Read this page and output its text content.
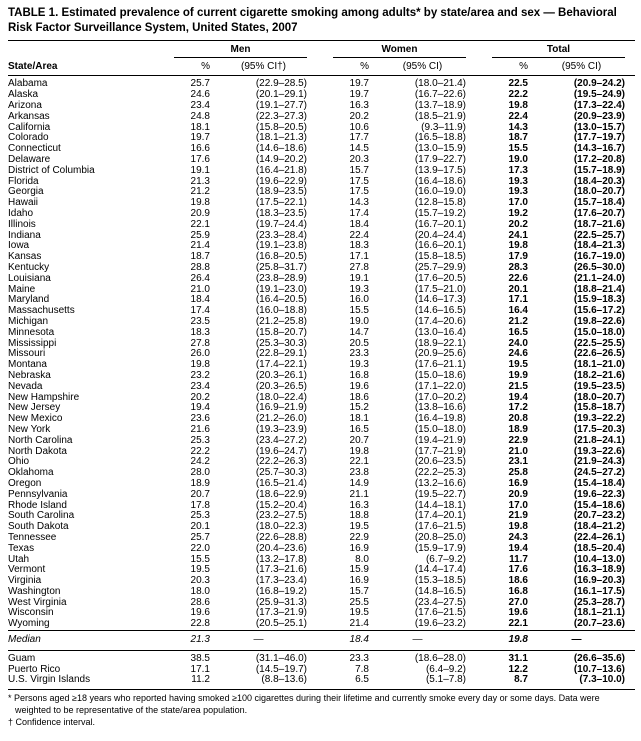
TABLE 1. Estimated prevalence of current cigarette smoking among adults* by state/area and sex — Behavioral Risk Factor Surveillance System, United States, 2007

	Men		Women		Total	

State/Area	%	(95% CI†)	%	(95% CI)	%	(95% CI)
Alabama	25.7	(22.9–28.5)	19.7	(18.0–21.4)	22.5	(20.9–24.2)
Alaska	24.6	(20.1–29.1)	19.7	(16.7–22.6)	22.2	(19.5–24.9)
Arizona	23.4	(19.1–27.7)	16.3	(13.7–18.9)	19.8	(17.3–22.4)
Arkansas	24.8	(22.3–27.3)	20.2	(18.5–21.9)	22.4	(20.9–23.9)
California	18.1	(15.8–20.5)	10.6	(9.3–11.9)	14.3	(13.0–15.7)
Colorado	19.7	(18.1–21.3)	17.7	(16.5–18.8)	18.7	(17.7–19.7)
Connecticut	16.6	(14.6–18.6)	14.5	(13.0–15.9)	15.5	(14.3–16.7)
Delaware	17.6	(14.9–20.2)	20.3	(17.9–22.7)	19.0	(17.2–20.8)
District of Columbia	19.1	(16.4–21.8)	15.7	(13.9–17.5)	17.3	(15.7–18.9)
Florida	21.3	(19.6–22.9)	17.5	(16.4–18.6)	19.3	(18.4–20.3)
Georgia	21.2	(18.9–23.5)	17.5	(16.0–19.0)	19.3	(18.0–20.7)
Hawaii	19.8	(17.5–22.1)	14.3	(12.8–15.8)	17.0	(15.7–18.4)
Idaho	20.9	(18.3–23.5)	17.4	(15.7–19.2)	19.2	(17.6–20.7)
Illinois	22.1	(19.7–24.4)	18.4	(16.7–20.1)	20.2	(18.7–21.6)
Indiana	25.9	(23.3–28.4)	22.4	(20.4–24.4)	24.1	(22.5–25.7)
Iowa	21.4	(19.1–23.8)	18.3	(16.6–20.1)	19.8	(18.4–21.3)
Kansas	18.7	(16.8–20.5)	17.1	(15.8–18.5)	17.9	(16.7–19.0)
Kentucky	28.8	(25.8–31.7)	27.8	(25.7–29.9)	28.3	(26.5–30.0)
Louisiana	26.4	(23.8–28.9)	19.1	(17.6–20.5)	22.6	(21.1–24.0)
Maine	21.0	(19.1–23.0)	19.3	(17.5–21.0)	20.1	(18.8–21.4)
Maryland	18.4	(16.4–20.5)	16.0	(14.6–17.3)	17.1	(15.9–18.3)
Massachusetts	17.4	(16.0–18.8)	15.5	(14.6–16.5)	16.4	(15.6–17.2)
Michigan	23.5	(21.2–25.8)	19.0	(17.4–20.6)	21.2	(19.8–22.6)
Minnesota	18.3	(15.8–20.7)	14.7	(13.0–16.4)	16.5	(15.0–18.0)
Mississippi	27.8	(25.3–30.3)	20.5	(18.9–22.1)	24.0	(22.5–25.5)
Missouri	26.0	(22.8–29.1)	23.3	(20.9–25.6)	24.6	(22.6–26.5)
Montana	19.8	(17.4–22.1)	19.3	(17.6–21.1)	19.5	(18.1–21.0)
Nebraska	23.2	(20.3–26.1)	16.8	(15.0–18.6)	19.9	(18.2–21.6)
Nevada	23.4	(20.3–26.5)	19.6	(17.1–22.0)	21.5	(19.5–23.5)
New Hampshire	20.2	(18.0–22.4)	18.6	(17.0–20.2)	19.4	(18.0–20.7)
New Jersey	19.4	(16.9–21.9)	15.2	(13.8–16.6)	17.2	(15.8–18.7)
New Mexico	23.6	(21.2–26.0)	18.1	(16.4–19.8)	20.8	(19.3–22.2)
New York	21.6	(19.3–23.9)	16.5	(15.0–18.0)	18.9	(17.5–20.3)
North Carolina	25.3	(23.4–27.2)	20.7	(19.4–21.9)	22.9	(21.8–24.1)
North Dakota	22.2	(19.6–24.7)	19.8	(17.7–21.9)	21.0	(19.3–22.6)
Ohio	24.2	(22.2–26.3)	22.1	(20.6–23.5)	23.1	(21.9–24.3)
Oklahoma	28.0	(25.7–30.3)	23.8	(22.2–25.3)	25.8	(24.5–27.2)
Oregon	18.9	(16.5–21.4)	14.9	(13.2–16.6)	16.9	(15.4–18.4)
Pennsylvania	20.7	(18.6–22.9)	21.1	(19.5–22.7)	20.9	(19.6–22.3)
Rhode Island	17.8	(15.2–20.4)	16.3	(14.4–18.1)	17.0	(15.4–18.6)
South Carolina	25.3	(23.2–27.5)	18.8	(17.4–20.1)	21.9	(20.7–23.2)
South Dakota	20.1	(18.0–22.3)	19.5	(17.6–21.5)	19.8	(18.4–21.2)
Tennessee	25.7	(22.6–28.8)	22.9	(20.8–25.0)	24.3	(22.4–26.1)
Texas	22.0	(20.4–23.6)	16.9	(15.9–17.9)	19.4	(18.5–20.4)
Utah	15.5	(13.2–17.8)	8.0	(6.7–9.2)	11.7	(10.4–13.0)
Vermont	19.5	(17.3–21.6)	15.9	(14.4–17.4)	17.6	(16.3–18.9)
Virginia	20.3	(17.3–23.4)	16.9	(15.3–18.5)	18.6	(16.9–20.3)
Washington	18.0	(16.8–19.2)	15.7	(14.8–16.5)	16.8	(16.1–17.5)
West Virginia	28.6	(25.9–31.3)	25.5	(23.4–27.5)	27.0	(25.3–28.7)
Wisconsin	19.6	(17.3–21.9)	19.5	(17.6–21.5)	19.6	(18.1–21.1)
Wyoming	22.8	(20.5–25.1)	21.4	(19.6–23.2)	22.1	(20.7–23.6)
Median	21.3	—	18.4	—	19.8	—
Guam	38.5	(31.1–46.0)	23.3	(18.6–28.0)	31.1	(26.6–35.6)
Puerto Rico	17.1	(14.5–19.7)	7.8	(6.4–9.2)	12.2	(10.7–13.6)
U.S. Virgin Islands	11.2	(8.8–13.6)	6.5	(5.1–7.8)	8.7	(7.3–10.0)
* Persons aged ≥18 years who reported having smoked ≥100 cigarettes during their lifetime and currently smoke every day or some days. Data were weighted to be representative of the state/area population.
† Confidence interval.
